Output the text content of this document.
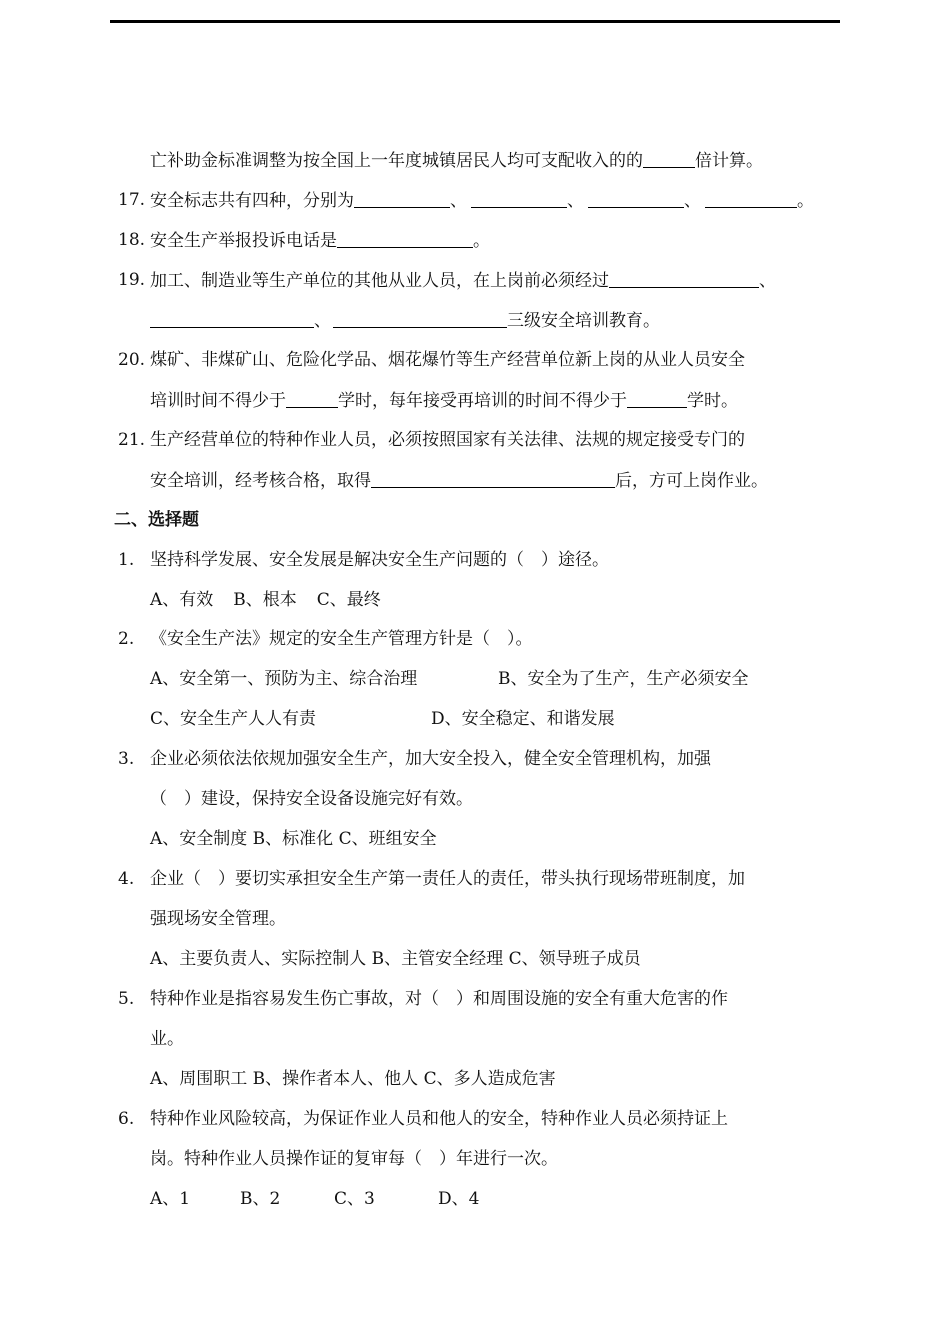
亡补助金标准调整为按全国上一年度城镇居民人均可支配收入的的	倍计算。
17. 安全标志共有四种，分别为	、	、	、	。
18. 安全生产举报投诉电话是	。
19. 加工、制造业等生产单位的其他从业人员，在上岗前必须经过	、
、	三级安全培训教育。
20. 煤矿、非煤矿山、危险化学品、烟花爆竹等生产经营单位新上岗的从业人员安全
培训时间不得少于	学时，每年接受再培训的时间不得少于	学时。
21. 生产经营单位的特种作业人员，必须按照国家有关法律、法规的规定接受专门的
安全培训，经考核合格，取得	后，方可上岗作业。
二、选择题
1. 坚持科学发展、安全发展是解决安全生产问题的（　）途径。
A、有效 B、根本 C、最终
2. 《安全生产法》规定的安全生产管理方针是（　）。
A、安全第一、预防为主、综合治理	B、安全为了生产，生产必须安全
C、安全生产人人有责	D、安全稳定、和谐发展
3. 企业必须依法依规加强安全生产，加大安全投入，健全安全管理机构，加强
（　）建设，保持安全设备设施完好有效。
A、安全制度 B、标准化 C、班组安全
4. 企业（　）要切实承担安全生产第一责任人的责任，带头执行现场带班制度，加
强现场安全管理。
A、主要负责人、实际控制人 B、主管安全经理 C、领导班子成员
5. 特种作业是指容易发生伤亡事故，对（　）和周围设施的安全有重大危害的作
业。
A、周围职工 B、操作者本人、他人 C、多人造成危害
6. 特种作业风险较高，为保证作业人员和他人的安全，特种作业人员必须持证上
岗。特种作业人员操作证的复审每（　）年进行一次。
A、1	B、2	C、3	D、4
